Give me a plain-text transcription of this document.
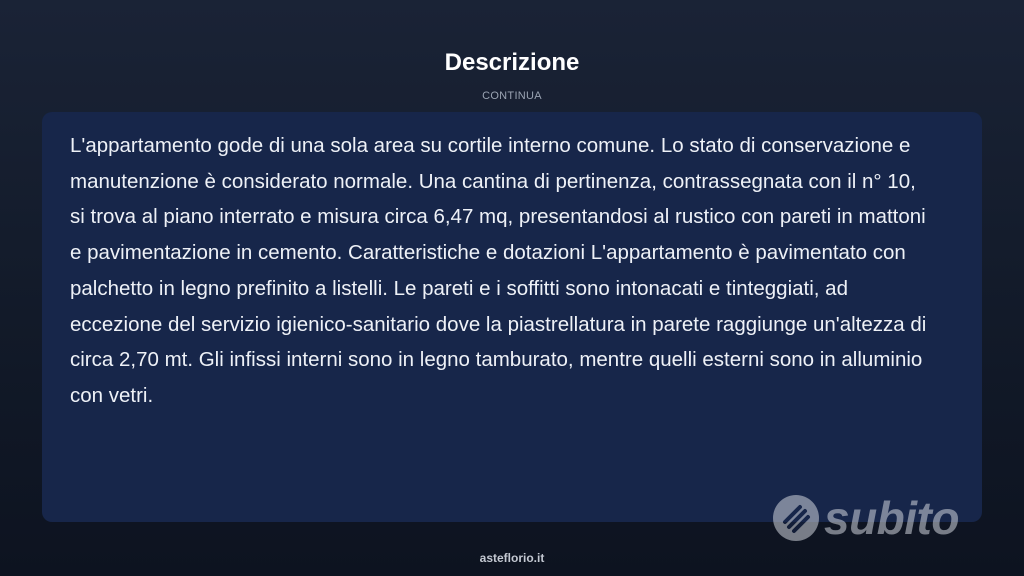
Descrizione
CONTINUA
L'appartamento gode di una sola area su cortile interno comune. Lo stato di conservazione e manutenzione è considerato normale. Una cantina di pertinenza, contrassegnata con il n° 10, si trova al piano interrato e misura circa 6,47 mq, presentandosi al rustico con pareti in mattoni e pavimentazione in cemento. Caratteristiche e dotazioni L'appartamento è pavimentato con palchetto in legno prefinito a listelli. Le pareti e i soffitti sono intonacati e tinteggiati, ad eccezione del servizio igienico-sanitario dove la piastrellatura in parete raggiunge un'altezza di circa 2,70 mt. Gli infissi interni sono in legno tamburato, mentre quelli esterni sono in alluminio con vetri.
subito
asteflorio.it
